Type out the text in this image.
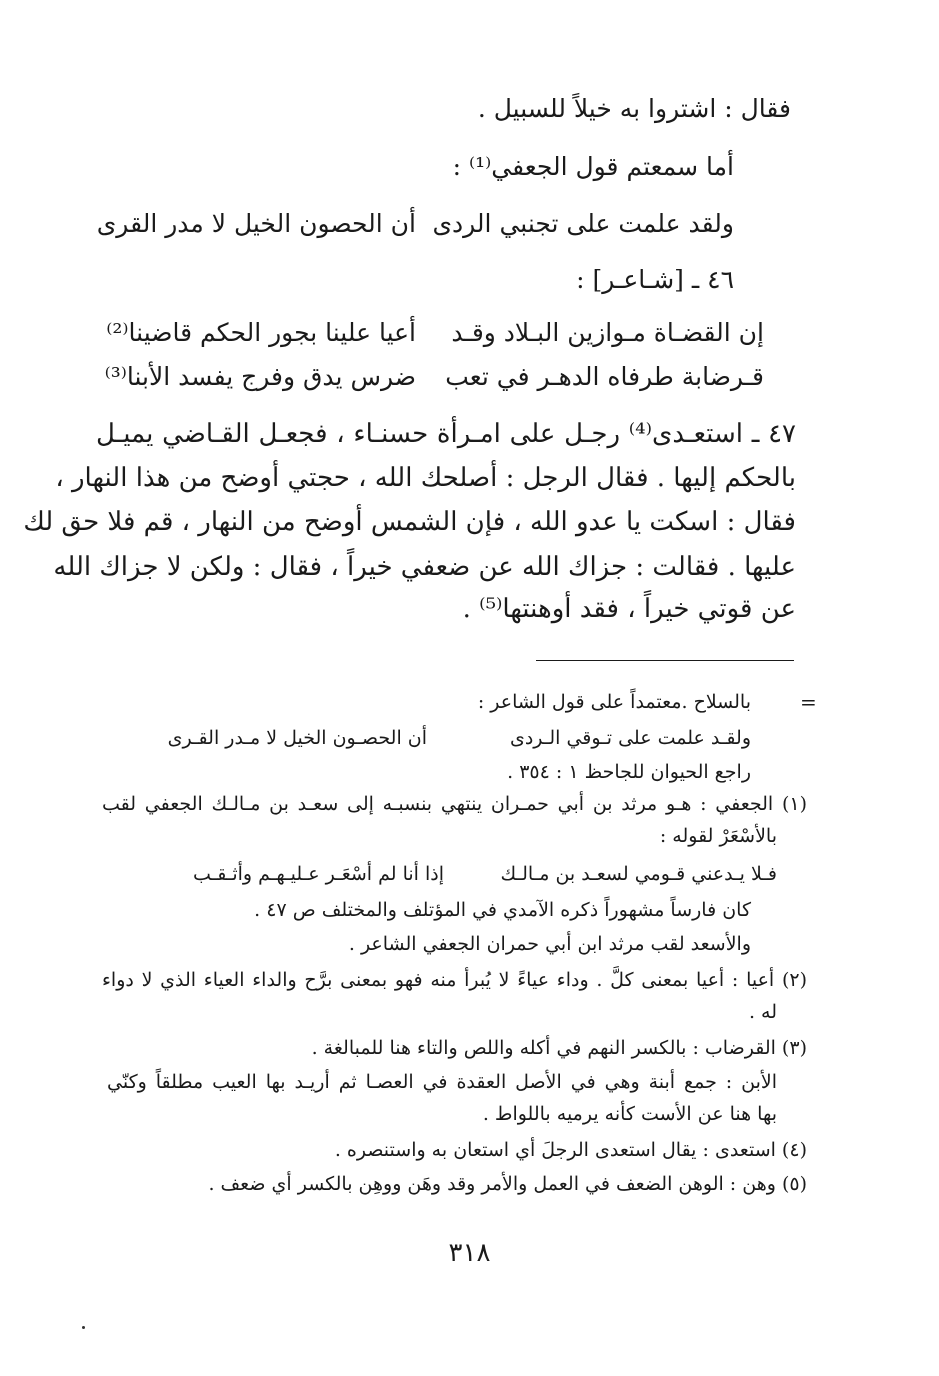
فقال : اشتروا به خيلاً للسبيل .
أما سمعتم قول الجعفي⁽¹⁾ :
ولقد علمت على تجنبي الردى
أن الحصون الخيل لا مدر القرى
٤٦ ـ [شـاعـر] :
إن القضـاة مـوازين البـلاد وقـد
أعيا علينا بجور الحكم قاضينا⁽²⁾
قـرضابة طرفاه الدهـر في تعب
ضرس يدق وفرج يفسد الأبنا⁽³⁾
٤٧ ـ استعـدى⁽⁴⁾ رجـل على امـرأة حسنـاء ، فجعـل القـاضي يميـل
بالحكم إليها . فقال الرجل : أصلحك الله ، حجتي أوضح من هذا النهار ،
فقال : اسكت يا عدو الله ، فإن الشمس أوضح من النهار ، قم فلا حق لك
عليها . فقالت : جزاك الله عن ضعفي خيراً ، فقال : ولكن لا جزاك الله
عن قوتي خيراً ، فقد أوهنتها⁽⁵⁾ .
=
بالسلاح .معتمداً على قول الشاعر :
ولقـد علمت على تـوقي الـردى
أن الحصـون الخيل لا مـدر القـرى
راجع الحيوان للجاحظ ١ : ٣٥٤ .
(١) الجعفي : هـو مرثد بن أبي حمـران ينتهي بنسبـه إلى سعـد بن مـالـك الجعفي لقب
بالأسْعَرْ لقوله :
فـلا يـدعني قـومي لسعـد بن مـالـك
إذا أنا لم أسْعَـر عـليـهـم وأثـقـب
كان فارساً مشهوراً ذكره الآمدي في المؤتلف والمختلف ص ٤٧ .
والأسعد لقب مرثد ابن أبي حمران الجعفي الشاعر .
(٢) أعيا : أعيا بمعنى كلَّ . وداء عياءً لا يُبرأ منه فهو بمعنى برَّح والداء العياء الذي لا دواء
له .
(٣) القرضاب : بالكسر النهم في أكله واللص والتاء هنا للمبالغة .
الأبن : جمع أبنة وهي في الأصل العقدة في العصـا ثم أريـد بها العيب مطلقاً وكنّي
بها هنا عن الأست كأنه يرميه باللواط .
(٤) استعدى : يقال استعدى الرجلَ أي استعان به واستنصره .
(٥) وهن : الوهن الضعف في العمل والأمر وقد وهَن ووهِن بالكسر أي ضعف .
٣١٨
